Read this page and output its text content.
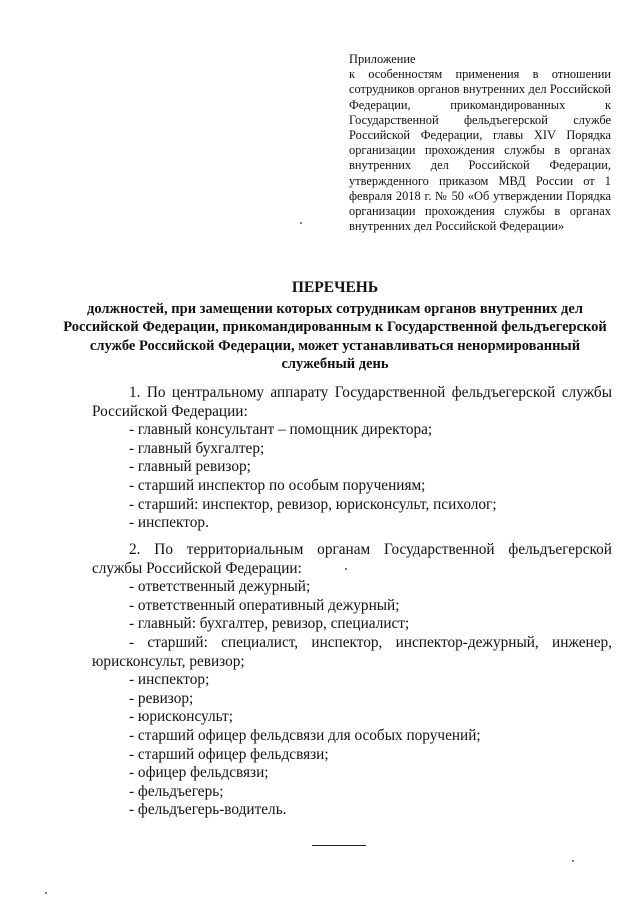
Приложение
к особенностям применения в отношении сотрудников органов внутренних дел Российской Федерации, прикомандированных к Государственной фельдъегерской службе Российской Федерации, главы XIV Порядка организации прохождения службы в органах внутренних дел Российской Федерации, утвержденного приказом МВД России от 1 февраля 2018 г. № 50 «Об утверждении Порядка организации прохождения службы в органах внутренних дел Российской Федерации»
ПЕРЕЧЕНЬ
должностей, при замещении которых сотрудникам органов внутренних дел Российской Федерации, прикомандированным к Государственной фельдъегерской службе Российской Федерации, может устанавливаться ненормированный служебный день

1. По центральному аппарату Государственной фельдъегерской службы Российской Федерации:

- главный консультант – помощник директора;
- главный бухгалтер;
- главный ревизор;
- старший инспектор по особым поручениям;
- старший: инспектор, ревизор, юрисконсульт, психолог;
- инспектор.

2. По территориальным органам Государственной фельдъегерской службы Российской Федерации:

- ответственный дежурный;
- ответственный оперативный дежурный;
- главный: бухгалтер, ревизор, специалист;
- старший: специалист, инспектор, инспектор-дежурный, инженер, юрисконсульт, ревизор;
- инспектор;
- ревизор;
- юрисконсульт;
- старший офицер фельдсвязи для особых поручений;
- старший офицер фельдсвязи;
- офицер фельдсвязи;
- фельдъегерь;
- фельдъегерь-водитель.
